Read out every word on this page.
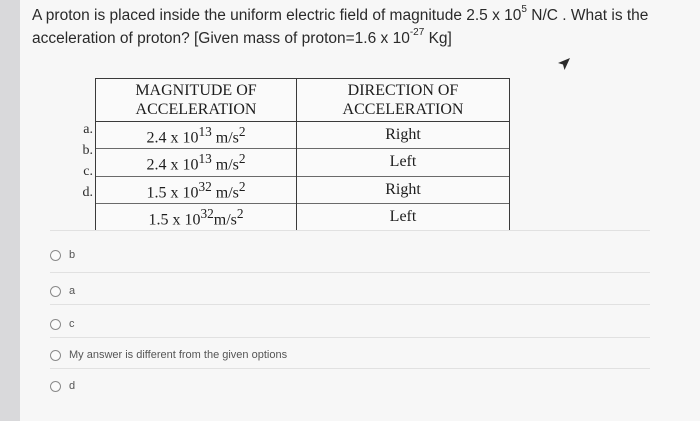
A proton is placed inside the uniform electric field of magnitude 2.5 x $10^5$ N/C . What is the acceleration of proton? [Given mass of proton=1.6 x $10^{-27}$ Kg]
a.
b.
c.
d.
MAGNITUDE OF ACCELERATION	DIRECTION OF ACCELERATION
2.4 x $10^{13}$ $m/s^2$	Right
2.4 x $10^{13}$ $m/s^2$	Left
1.5 x $10^{32}$ $m/s^2$	Right
1.5 x $10^{32}m/s^2$	Left
b
a
c
My answer is different from the given options
d
